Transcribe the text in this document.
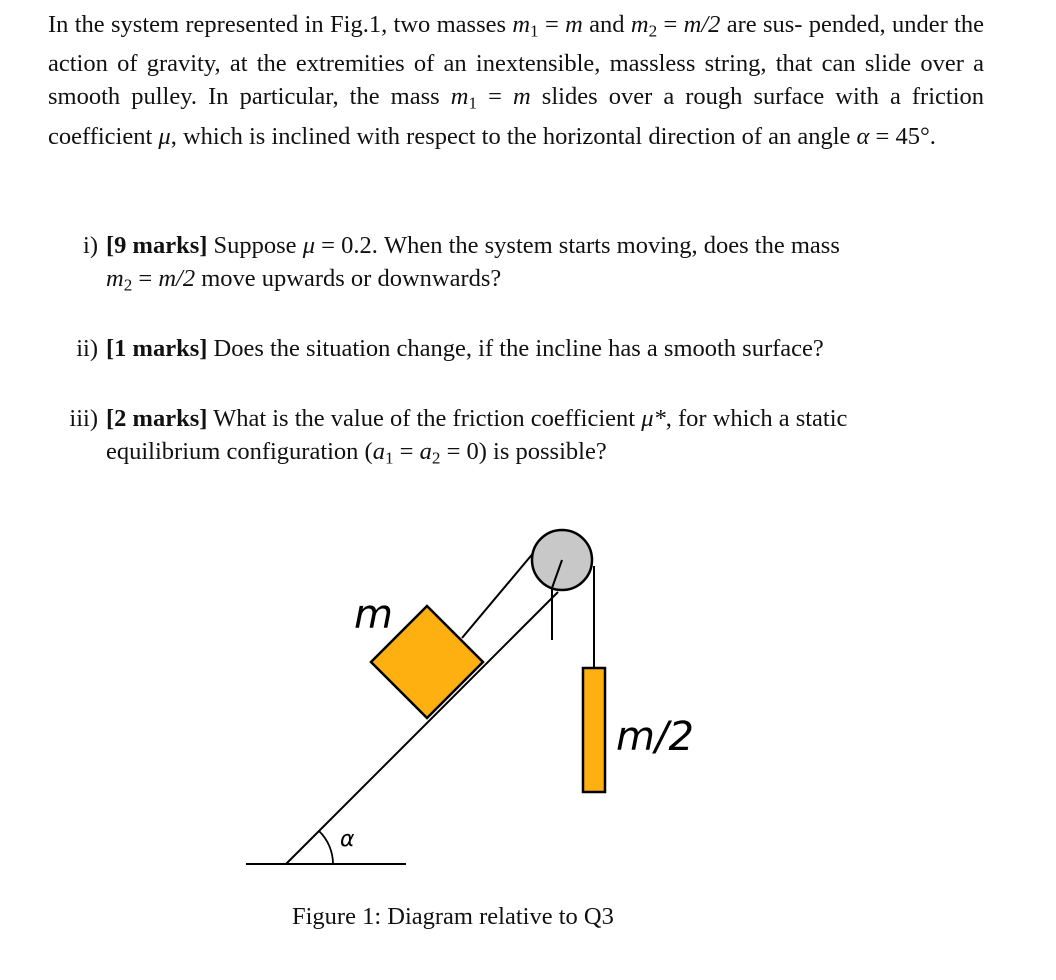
In the system represented in Fig.1, two masses $m_1 = m$ and $m_2 = m/2$ are sus- pended, under the action of gravity, at the extremities of an inextensible, massless string, that can slide over a smooth pulley. In particular, the mass $m_1 = m$ slides over a rough surface with a friction coefficient μ, which is inclined with respect to the horizontal direction of an angle α = 45°.

i) [9 marks] Suppose μ = 0.2. When the system starts moving, does the mass
$m_2 = m/2$ move upwards or downwards?
ii) [1 marks] Does the situation change, if the incline has a smooth surface?
iii) [2 marks] What is the value of the friction coefficient μ*, for which a static
equilibrium configuration $(a_1 = a_2 = 0)$ is possible?
α
m
m/2
Figure 1: Diagram relative to Q3
